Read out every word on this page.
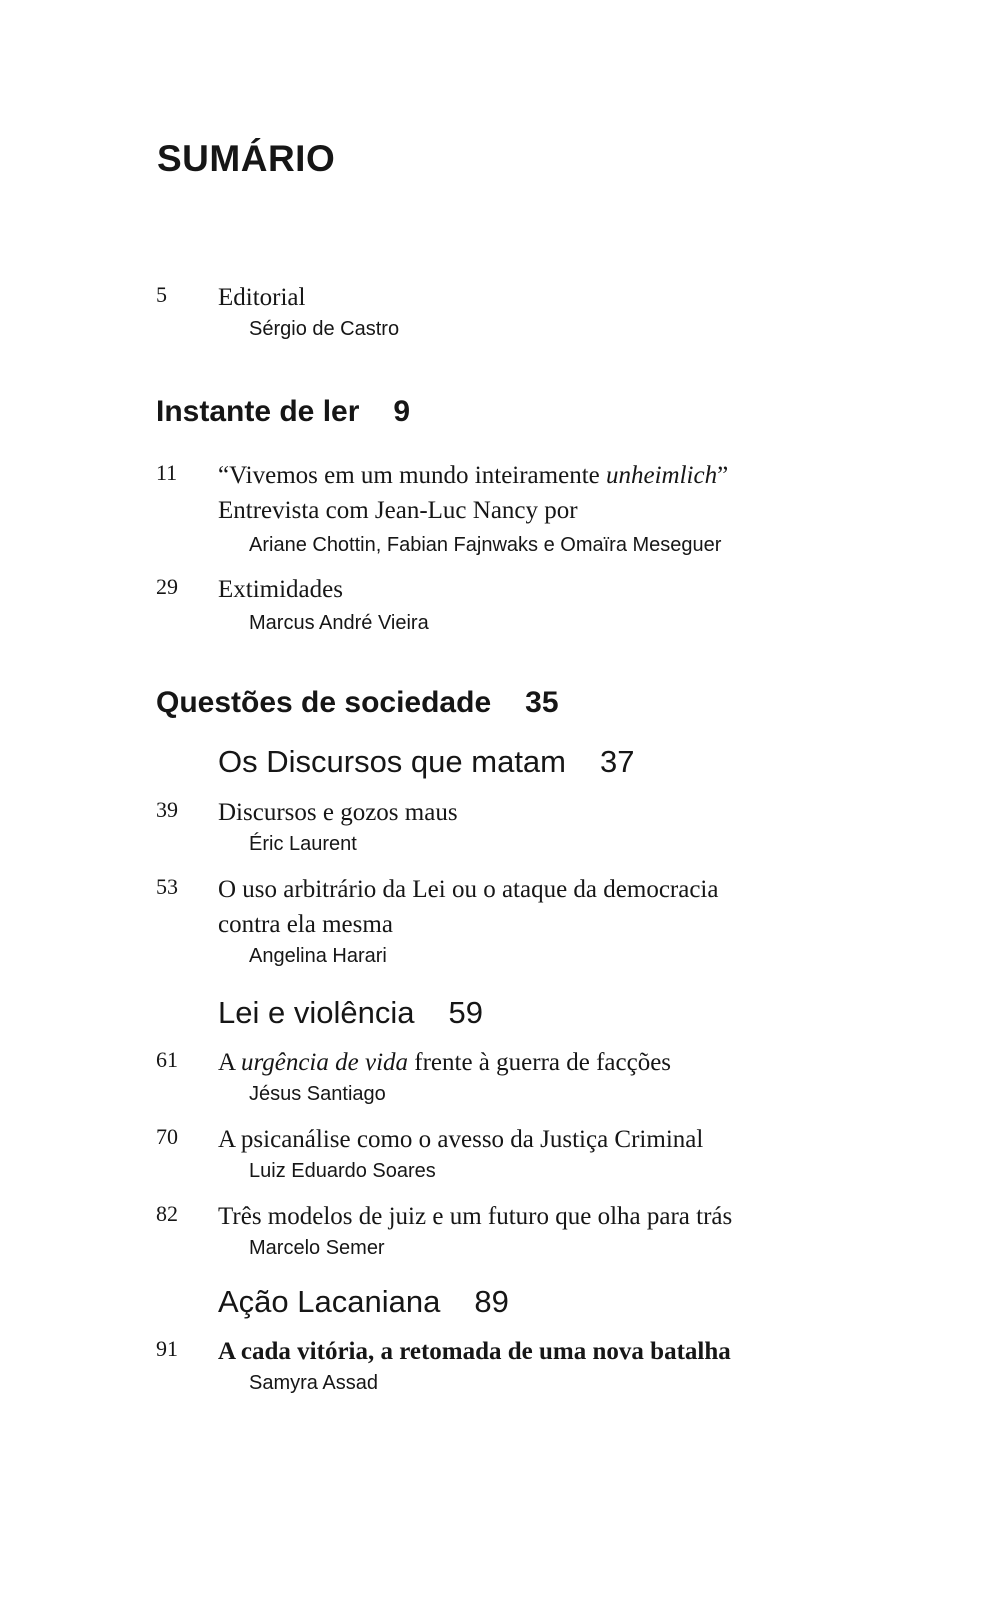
SUMÁRIO
5 Editorial
Sérgio de Castro
Instante de ler 9
11 “Vivemos em um mundo inteiramente unheimlich”
Entrevista com Jean-Luc Nancy por
Ariane Chottin, Fabian Fajnwaks e Omaïra Meseguer
29 Extimidades
Marcus André Vieira
Questões de sociedade 35
Os Discursos que matam 37
39 Discursos e gozos maus
Éric Laurent
53 O uso arbitrário da Lei ou o ataque da democracia
contra ela mesma
Angelina Harari
Lei e violência 59
61 A urgência de vida frente à guerra de facções
Jésus Santiago
70 A psicanálise como o avesso da Justiça Criminal
Luiz Eduardo Soares
82 Três modelos de juiz e um futuro que olha para trás
Marcelo Semer
Ação Lacaniana 89
91 A cada vitória, a retomada de uma nova batalha
Samyra Assad
